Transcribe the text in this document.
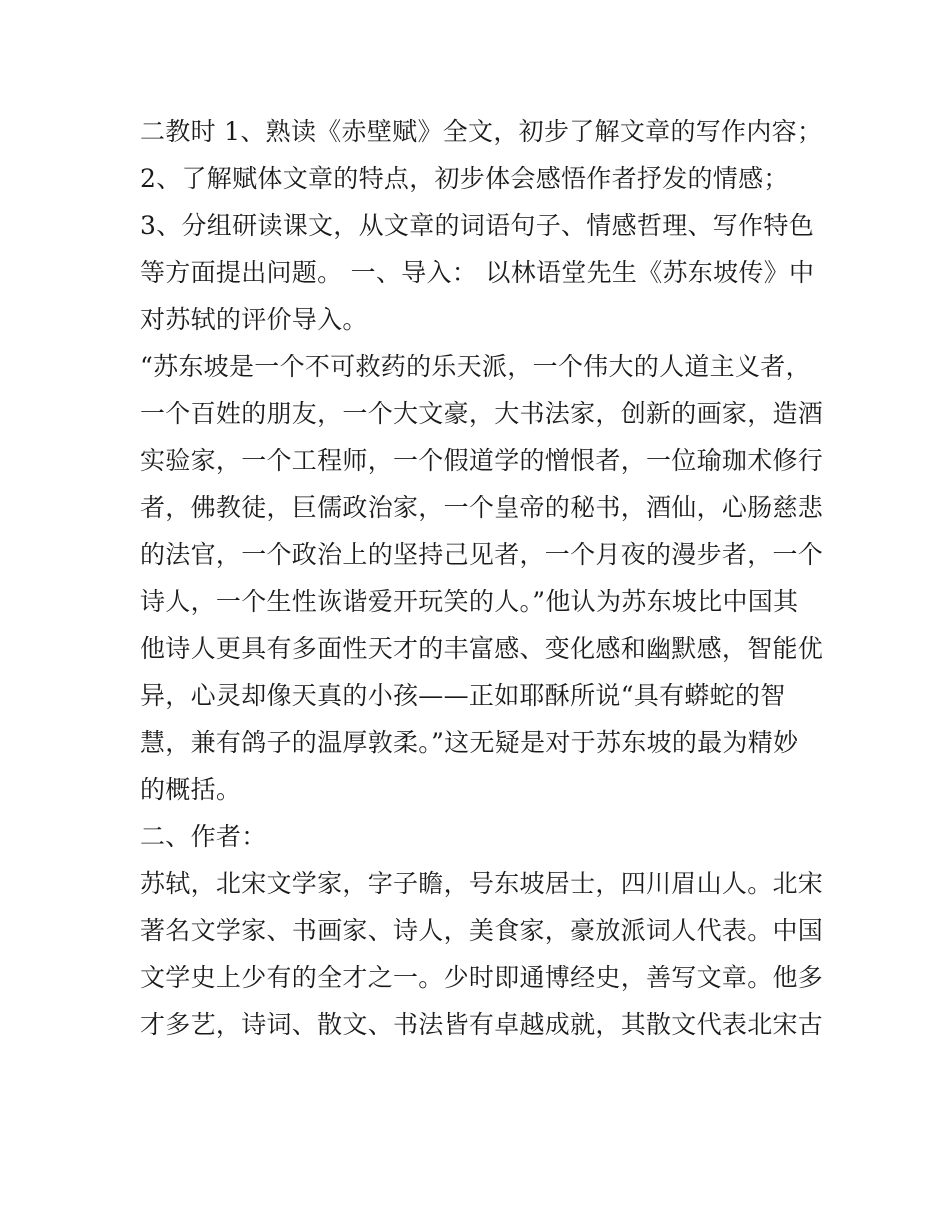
二教时 1、熟读《赤壁赋》全文，初步了解文章的写作内容；
2、了解赋体文章的特点，初步体会感悟作者抒发的情感；
3、分组研读课文，从文章的词语句子、情感哲理、写作特色
等方面提出问题。 一、导入： 以林语堂先生《苏东坡传》中
对苏轼的评价导入。
“苏东坡是一个不可救药的乐天派，一个伟大的人道主义者，
一个百姓的朋友，一个大文豪，大书法家，创新的画家，造酒
实验家，一个工程师，一个假道学的憎恨者，一位瑜珈术修行
者，佛教徒，巨儒政治家，一个皇帝的秘书，酒仙，心肠慈悲
的法官，一个政治上的坚持己见者，一个月夜的漫步者，一个
诗人，一个生性诙谐爱开玩笑的人。”他认为苏东坡比中国其
他诗人更具有多面性天才的丰富感、变化感和幽默感，智能优
异，心灵却像天真的小孩——正如耶酥所说“具有蟒蛇的智
慧，兼有鸽子的温厚敦柔。”这无疑是对于苏东坡的最为精妙
的概括。
二、作者：
苏轼，北宋文学家，字子瞻，号东坡居士，四川眉山人。北宋
著名文学家、书画家、诗人，美食家，豪放派词人代表。中国
文学史上少有的全才之一。少时即通博经史，善写文章。他多
才多艺，诗词、散文、书法皆有卓越成就，其散文代表北宋古
